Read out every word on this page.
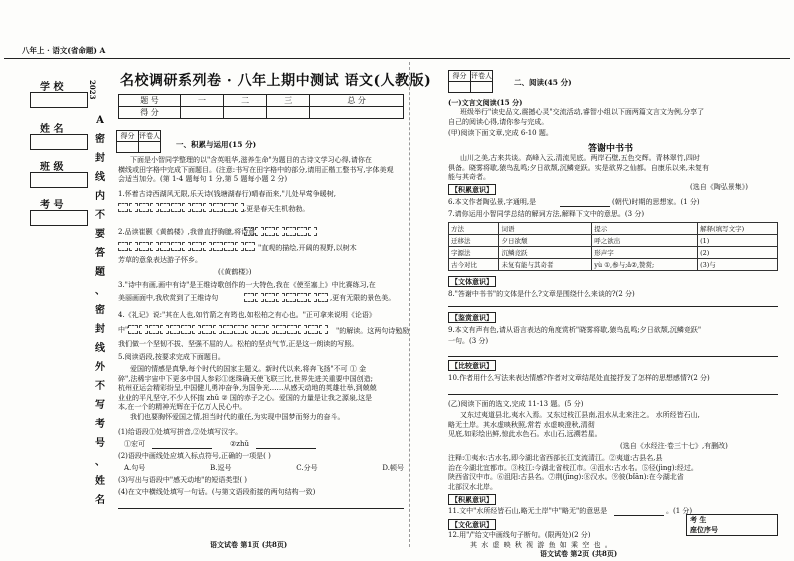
八年上 · 语文(省命题) A
学 校
姓 名
班 级
考 号
2023
A
密
封
线
内
不
要
答
题
、
密
封
线
外
不
写
考
号
、
姓
名
名校调研系列卷 · 八年上期中测试 语文(人教版)
题 号	一	二	三	总 分
得 分				
得分	评卷人

一、积累与运用(15 分)
下面是小智同学整理的以"含英咀华,滋养生命"为题目的古诗文学习心得,请你在
横线或田字格中完成下面题目。(注意:书写在田字格中的部分,请用正楷工整书写,字体美观
会适当加分。(第 1-4 题每句 1 分,第 5 题每小题 2 分)
1.怀着古诗西湖风无限,乐天诗(钱塘湖春行)晴春而来,"儿处早莺争暖树,
,更是春天生机勃勃。
2.品读崔颢《黄鹤楼》,我曾直抒胸臆,将诗意
"直观的描绘,开阔的视野,以树木
芳草的意象表达游子怀乡。
(《黄鹤楼》)
3."诗中有画,画中有诗"是王维诗歌创作的一大特色,我在《使至塞上》中比赛练习,在
美丽画面中,我欣赏到了王维诗句	,更有无限的景色美。
4.《礼记》说:"其在人也,如竹箭之有筠也,如松柏之有心也。"正可拿来说明《论语》
中"	"的解读。这两句诗勉励
我们做一个坚韧不拔、坚强不屈的人。松柏的坚贞气节,正是这一朗读的写照。
5.阅读语段,按要求完成下面题目。
爱国的情感是真挚,每个时代的国家主题义。新时代以来,将奔飞扬"不可 ① 金
碎",法稀宇宙中下更多中国人参彩①迷珠确天使飞联三比,世界先进关重要中国创造;
杭州亚运会精彩纷呈,中国健儿勇冲奋争,为国争光……从感天动地的英雄壮举,到兢兢
业业的平凡坚守,不少人怀揣 zhǔ ② 国的赤子之心。爱国的力量是让我之源泉,这是
本,在一个的精神光辉在于亿万人民心中。
我们也要胸怀爱国之情,担当时代的重任,为实现中国梦而努力的奋斗。
(1)给语段①处填写拼音,②处填写汉字。
①宏可	②zhǔ
(2)语段中画线处应填入标点符号,正确的一项是( )
A.句号	B.逗号	C.分号	D.顿号
(3)写出与语段中"感天动地"的短语类型( )
(4)在文中横线处填写一句话。(与第文语段衔接的两句结构一致)
语文试卷 第1页 (共8页)
得分	评卷人

二、阅读(45 分)
(一)文言文阅读(15 分)
班级举行"读史品文,震撼心灵"交流活动,睿智小组以下面两篇文言文为例,分享了
自己的阅读心得,请你参与完成。
(甲)阅读下面文章,完成 6-10 题。
答谢中书书
山川之美,古来共谈。高峰入云,清流见底。两岸石壁,五色交辉。青林翠竹,四时
俱备。晓雾将歇,猿鸟乱鸣;夕日欲颓,沉鳞竞跃。实是欲界之仙都。自康乐以来,未复有
能与其奇者。
(选自《陶弘景集》)
【积累意识】
6.本文作者陶弘景,字通明,是	(朝代)时期的思想家。(1 分)
7.请你运用小智同学总结的解词方法,解释下文中的意思。(3 分)
方法	词语	提示	解释(填写文字)
迁移法	夕日欲颓	呼之欲出	(1)
字源法	沉鳞竞跃	形声字	(2)
古今对比	未复有能与其奇者	yù ①,参与;ǎ②,赞赏;	(3)与
【文体意识】
8."答谢中书书"的文体是什么?文章是围绕什么来谈的?(2 分)
【鉴赏意识】
9.本文有声有色,请从语言表达的角度赏析"晓雾将歇,猿鸟乱鸣;夕日欲颓,沉鳞竞跃"
一句。(3 分)
【比较意识】
10.作者用什么写法来表达情感?作者对文章结尾处直接抒发了怎样的思想感情?(2 分)
(乙)阅读下面的选文,完成 11-13 题。(5 分)
又东过夷道县北,夷水入焉。又东过枝江县南,沮水从北来注之。 水所经皆石山,
略无土岸。其水虚映秋照,常若 水虚映澄秋,清彻
见底,如彩绘出鲜,惊此水色石。水山石,远溯若星。
(选自《水经注·卷三十七》,有删改)
注释:①夷水:古水名,即今湖北省西部长江支流清江。②夷道:古县名,县
治在今湖北宜都市。③枝江:今湖北省枝江市。④沮水:古水名。⑤径(jìng):经过。
陕西省汉中市。⑥沮阳:古县名。⑦荆(jīng):⑧汉水。⑨彼(bǐān):在今湖北省
北部汉水北岸。
【积累意识】
11.文中"水所经皆石山,略无土岸"中"略无"的意思是	。(1 分)
【文化意识】
12.用"/"给文中画线句子断句。(限两处)(2 分)
其 水 虚 映 秋 视 游 鱼 如 乘 空 也 。
考 生
座位序号
语文试卷 第2页 (共8页)
